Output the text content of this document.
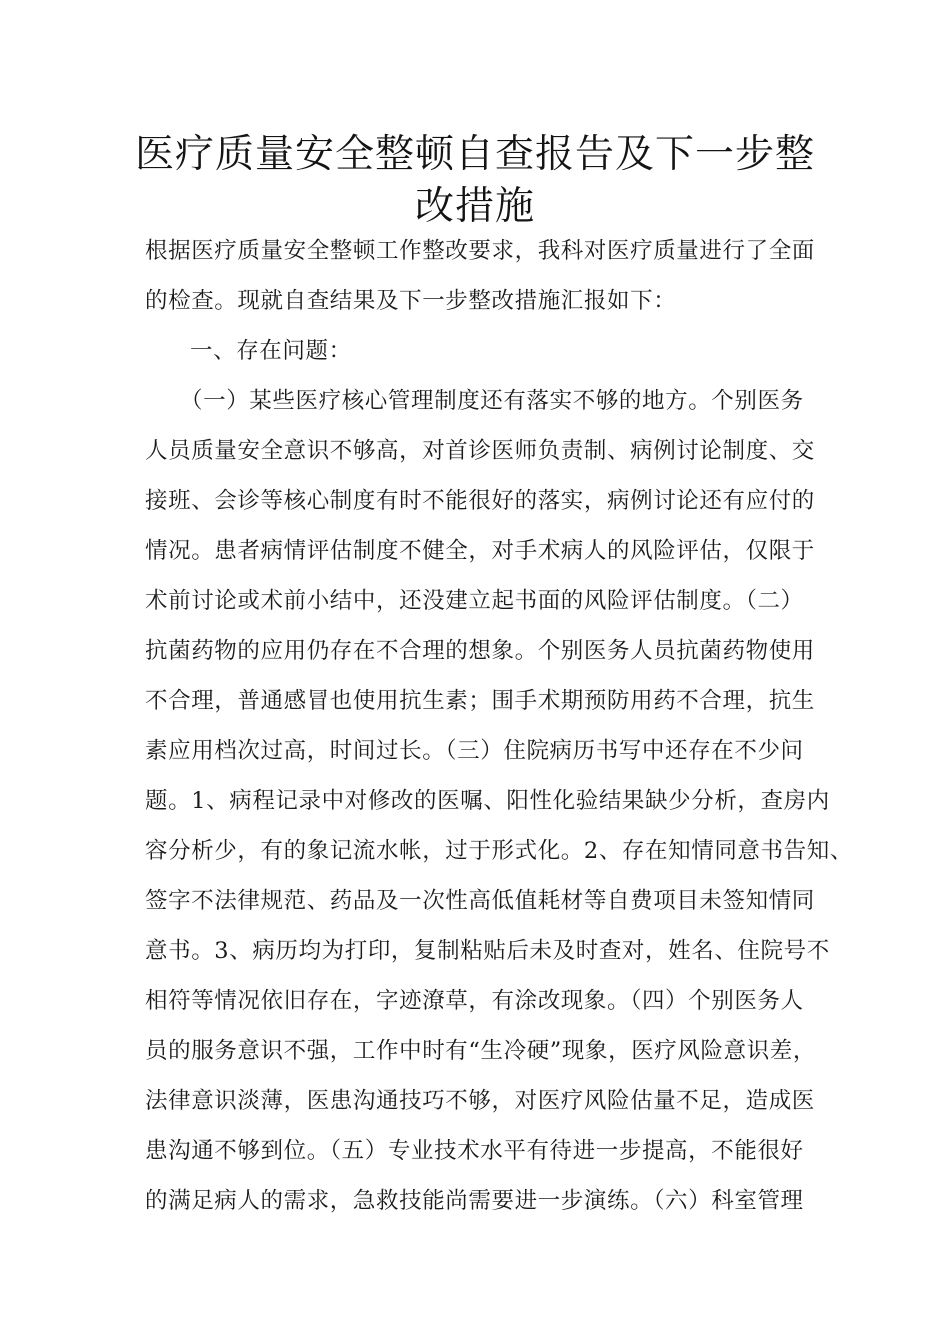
医疗质量安全整顿自查报告及下一步整
改措施
根据医疗质量安全整顿工作整改要求，我科对医疗质量进行了全面
的检查。现就自查结果及下一步整改措施汇报如下：
一、存在问题：
（一）某些医疗核心管理制度还有落实不够的地方。个别医务
人员质量安全意识不够高，对首诊医师负责制、病例讨论制度、交
接班、会诊等核心制度有时不能很好的落实，病例讨论还有应付的
情况。患者病情评估制度不健全，对手术病人的风险评估，仅限于
术前讨论或术前小结中，还没建立起书面的风险评估制度。（二）
抗菌药物的应用仍存在不合理的想象。个别医务人员抗菌药物使用
不合理，普通感冒也使用抗生素；围手术期预防用药不合理，抗生
素应用档次过高，时间过长。（三）住院病历书写中还存在不少问
题。1、病程记录中对修改的医嘱、阳性化验结果缺少分析，查房内
容分析少，有的象记流水帐，过于形式化。2、存在知情同意书告知、
签字不法律规范、药品及一次性高低值耗材等自费项目未签知情同
意书。3、病历均为打印，复制粘贴后未及时查对，姓名、住院号不
相符等情况依旧存在，字迹潦草，有涂改现象。（四）个别医务人
员的服务意识不强，工作中时有“生冷硬”现象，医疗风险意识差，
法律意识淡薄，医患沟通技巧不够，对医疗风险估量不足，造成医
患沟通不够到位。（五）专业技术水平有待进一步提高，不能很好
的满足病人的需求，急救技能尚需要进一步演练。（六）科室管理
